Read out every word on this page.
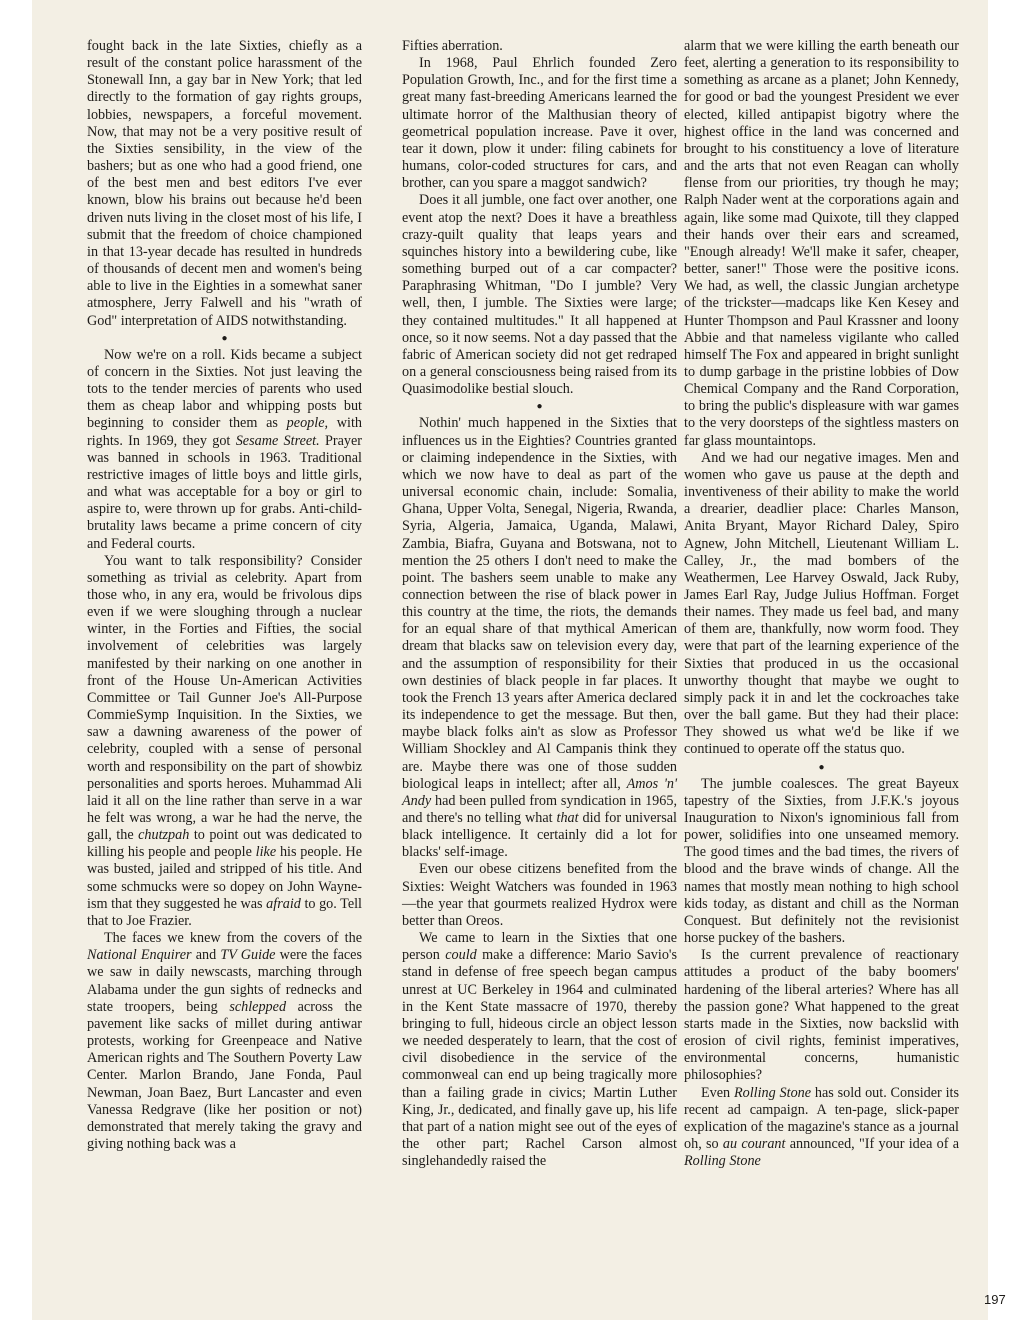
fought back in the late Sixties, chiefly as a result of the constant police harassment of the Stonewall Inn, a gay bar in New York; that led directly to the formation of gay rights groups, lobbies, newspapers, a forceful movement. Now, that may not be a very positive result of the Sixties sensibility, in the view of the bashers; but as one who had a good friend, one of the best men and best editors I've ever known, blow his brains out because he'd been driven nuts living in the closet most of his life, I submit that the freedom of choice championed in that 13-year decade has resulted in hundreds of thousands of decent men and women's being able to live in the Eighties in a somewhat saner atmosphere, Jerry Falwell and his "wrath of God" interpretation of AIDS notwithstanding.

●

Now we're on a roll. Kids became a subject of concern in the Sixties. Not just leaving the tots to the tender mercies of parents who used them as cheap labor and whipping posts but beginning to consider them as people, with rights. In 1969, they got Sesame Street. Prayer was banned in schools in 1963. Traditional restrictive images of little boys and little girls, and what was acceptable for a boy or girl to aspire to, were thrown up for grabs. Anti-child-brutality laws became a prime concern of city and Federal courts.

You want to talk responsibility? Consider something as trivial as celebrity. Apart from those who, in any era, would be frivolous dips even if we were sloughing through a nuclear winter, in the Forties and Fifties, the social involvement of celebrities was largely manifested by their narking on one another in front of the House Un-American Activities Committee or Tail Gunner Joe's All-Purpose CommieSymp Inquisition. In the Sixties, we saw a dawning awareness of the power of celebrity, coupled with a sense of personal worth and responsibility on the part of showbiz personalities and sports heroes. Muhammad Ali laid it all on the line rather than serve in a war he felt was wrong, a war he had the nerve, the gall, the chutzpah to point out was dedicated to killing his people and people like his people. He was busted, jailed and stripped of his title. And some schmucks were so dopey on John Wayne-ism that they suggested he was afraid to go. Tell that to Joe Frazier.

The faces we knew from the covers of the National Enquirer and TV Guide were the faces we saw in daily newscasts, marching through Alabama under the gun sights of rednecks and state troopers, being schlepped across the pavement like sacks of millet during antiwar protests, working for Greenpeace and Native American rights and The Southern Poverty Law Center. Marlon Brando, Jane Fonda, Paul Newman, Joan Baez, Burt Lancaster and even Vanessa Redgrave (like her position or not) demonstrated that merely taking the gravy and giving nothing back was a

Fifties aberration.

In 1968, Paul Ehrlich founded Zero Population Growth, Inc., and for the first time a great many fast-breeding Americans learned the ultimate horror of the Malthusian theory of geometrical population increase. Pave it over, tear it down, plow it under: filing cabinets for humans, color-coded structures for cars, and brother, can you spare a maggot sandwich?

Does it all jumble, one fact over another, one event atop the next? Does it have a breathless crazy-quilt quality that leaps years and squinches history into a bewildering cube, like something burped out of a car compacter? Paraphrasing Whitman, "Do I jumble? Very well, then, I jumble. The Sixties were large; they contained multitudes." It all happened at once, so it now seems. Not a day passed that the fabric of American society did not get redraped on a general consciousness being raised from its Quasimodolike bestial slouch.

●

Nothin' much happened in the Sixties that influences us in the Eighties? Countries granted or claiming independence in the Sixties, with which we now have to deal as part of the universal economic chain, include: Somalia, Ghana, Upper Volta, Senegal, Nigeria, Rwanda, Syria, Algeria, Jamaica, Uganda, Malawi, Zambia, Biafra, Guyana and Botswana, not to mention the 25 others I don't need to make the point. The bashers seem unable to make any connection between the rise of black power in this country at the time, the riots, the demands for an equal share of that mythical American dream that blacks saw on television every day, and the assumption of responsibility for their own destinies of black people in far places. It took the French 13 years after America declared its independence to get the message. But then, maybe black folks ain't as slow as Professor William Shockley and Al Campanis think they are. Maybe there was one of those sudden biological leaps in intellect; after all, Amos 'n' Andy had been pulled from syndication in 1965, and there's no telling what that did for universal black intelligence. It certainly did a lot for blacks' self-image.

Even our obese citizens benefited from the Sixties: Weight Watchers was founded in 1963—the year that gourmets realized Hydrox were better than Oreos.

We came to learn in the Sixties that one person could make a difference: Mario Savio's stand in defense of free speech began campus unrest at UC Berkeley in 1964 and culminated in the Kent State massacre of 1970, thereby bringing to full, hideous circle an object lesson we needed desperately to learn, that the cost of civil disobedience in the service of the commonweal can end up being tragically more than a failing grade in civics; Martin Luther King, Jr., dedicated, and finally gave up, his life that part of a nation might see out of the eyes of the other part; Rachel Carson almost singlehandedly raised the

alarm that we were killing the earth beneath our feet, alerting a generation to its responsibility to something as arcane as a planet; John Kennedy, for good or bad the youngest President we ever elected, killed antipapist bigotry where the highest office in the land was concerned and brought to his constituency a love of literature and the arts that not even Reagan can wholly flense from our priorities, try though he may; Ralph Nader went at the corporations again and again, like some mad Quixote, till they clapped their hands over their ears and screamed, "Enough already! We'll make it safer, cheaper, better, saner!" Those were the positive icons. We had, as well, the classic Jungian archetype of the trickster—madcaps like Ken Kesey and Hunter Thompson and Paul Krassner and loony Abbie and that nameless vigilante who called himself The Fox and appeared in bright sunlight to dump garbage in the pristine lobbies of Dow Chemical Company and the Rand Corporation, to bring the public's displeasure with war games to the very doorsteps of the sightless masters on far glass mountaintops.

And we had our negative images. Men and women who gave us pause at the depth and inventiveness of their ability to make the world a drearier, deadlier place: Charles Manson, Anita Bryant, Mayor Richard Daley, Spiro Agnew, John Mitchell, Lieutenant William L. Calley, Jr., the mad bombers of the Weathermen, Lee Harvey Oswald, Jack Ruby, James Earl Ray, Judge Julius Hoffman. Forget their names. They made us feel bad, and many of them are, thankfully, now worm food. They were that part of the learning experience of the Sixties that produced in us the occasional unworthy thought that maybe we ought to simply pack it in and let the cockroaches take over the ball game. But they had their place: They showed us what we'd be like if we continued to operate off the status quo.

●

The jumble coalesces. The great Bayeux tapestry of the Sixties, from J.F.K.'s joyous Inauguration to Nixon's ignominious fall from power, solidifies into one unseamed memory. The good times and the bad times, the rivers of blood and the brave winds of change. All the names that mostly mean nothing to high school kids today, as distant and chill as the Norman Conquest. But definitely not the revisionist horse puckey of the bashers.

Is the current prevalence of reactionary attitudes a product of the baby boomers' hardening of the liberal arteries? Where has all the passion gone? What happened to the great starts made in the Sixties, now backslid with erosion of civil rights, feminist imperatives, environmental concerns, humanistic philosophies?

Even Rolling Stone has sold out. Consider its recent ad campaign. A ten-page, slick-paper explication of the magazine's stance as a journal oh, so au courant announced, "If your idea of a Rolling Stone

197
